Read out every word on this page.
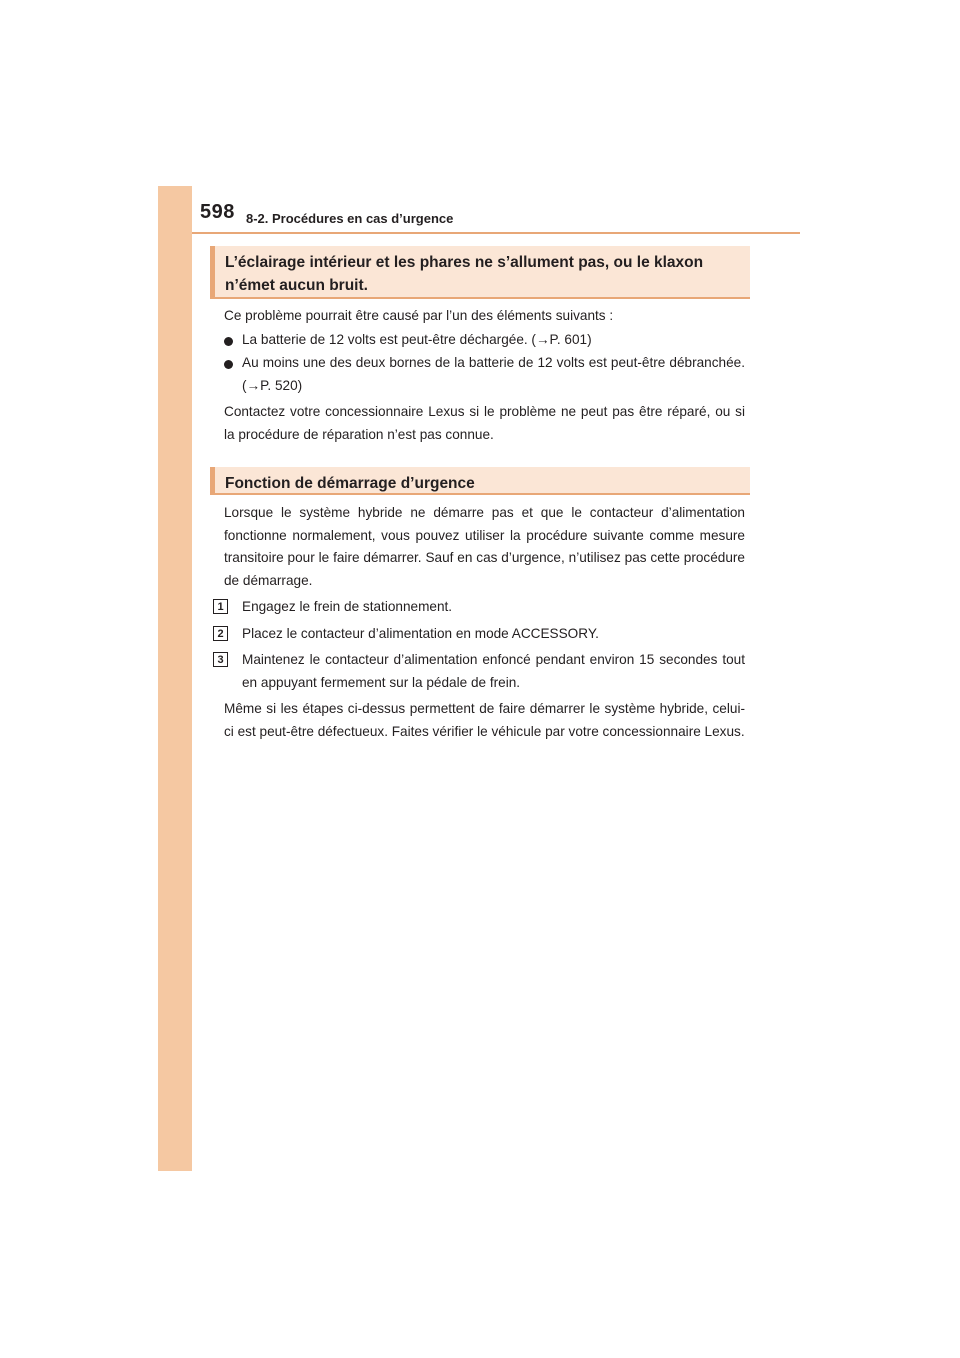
598 8-2. Procédures en cas d’urgence
L’éclairage intérieur et les phares ne s’allument pas, ou le klaxon n’émet aucun bruit.

Ce problème pourrait être causé par l’un des éléments suivants :

La batterie de 12 volts est peut-être déchargée. (→P. 601)
Au moins une des deux bornes de la batterie de 12 volts est peut-être débranchée. (→P. 520)

Contactez votre concessionnaire Lexus si le problème ne peut pas être réparé, ou si la procédure de réparation n’est pas connue.

Fonction de démarrage d’urgence

Lorsque le système hybride ne démarre pas et que le contacteur d’alimentation fonctionne normalement, vous pouvez utiliser la procédure suivante comme mesure transitoire pour le faire démarrer. Sauf en cas d’urgence, n’utilisez pas cette procédure de démarrage.

1	Engagez le frein de stationnement.
2	Placez le contacteur d’alimentation en mode ACCESSORY.
3	Maintenez le contacteur d’alimentation enfoncé pendant environ 15 secondes tout en appuyant fermement sur la pédale de frein.

Même si les étapes ci-dessus permettent de faire démarrer le système hybride, celui-ci est peut-être défectueux. Faites vérifier le véhicule par votre concessionnaire Lexus.
